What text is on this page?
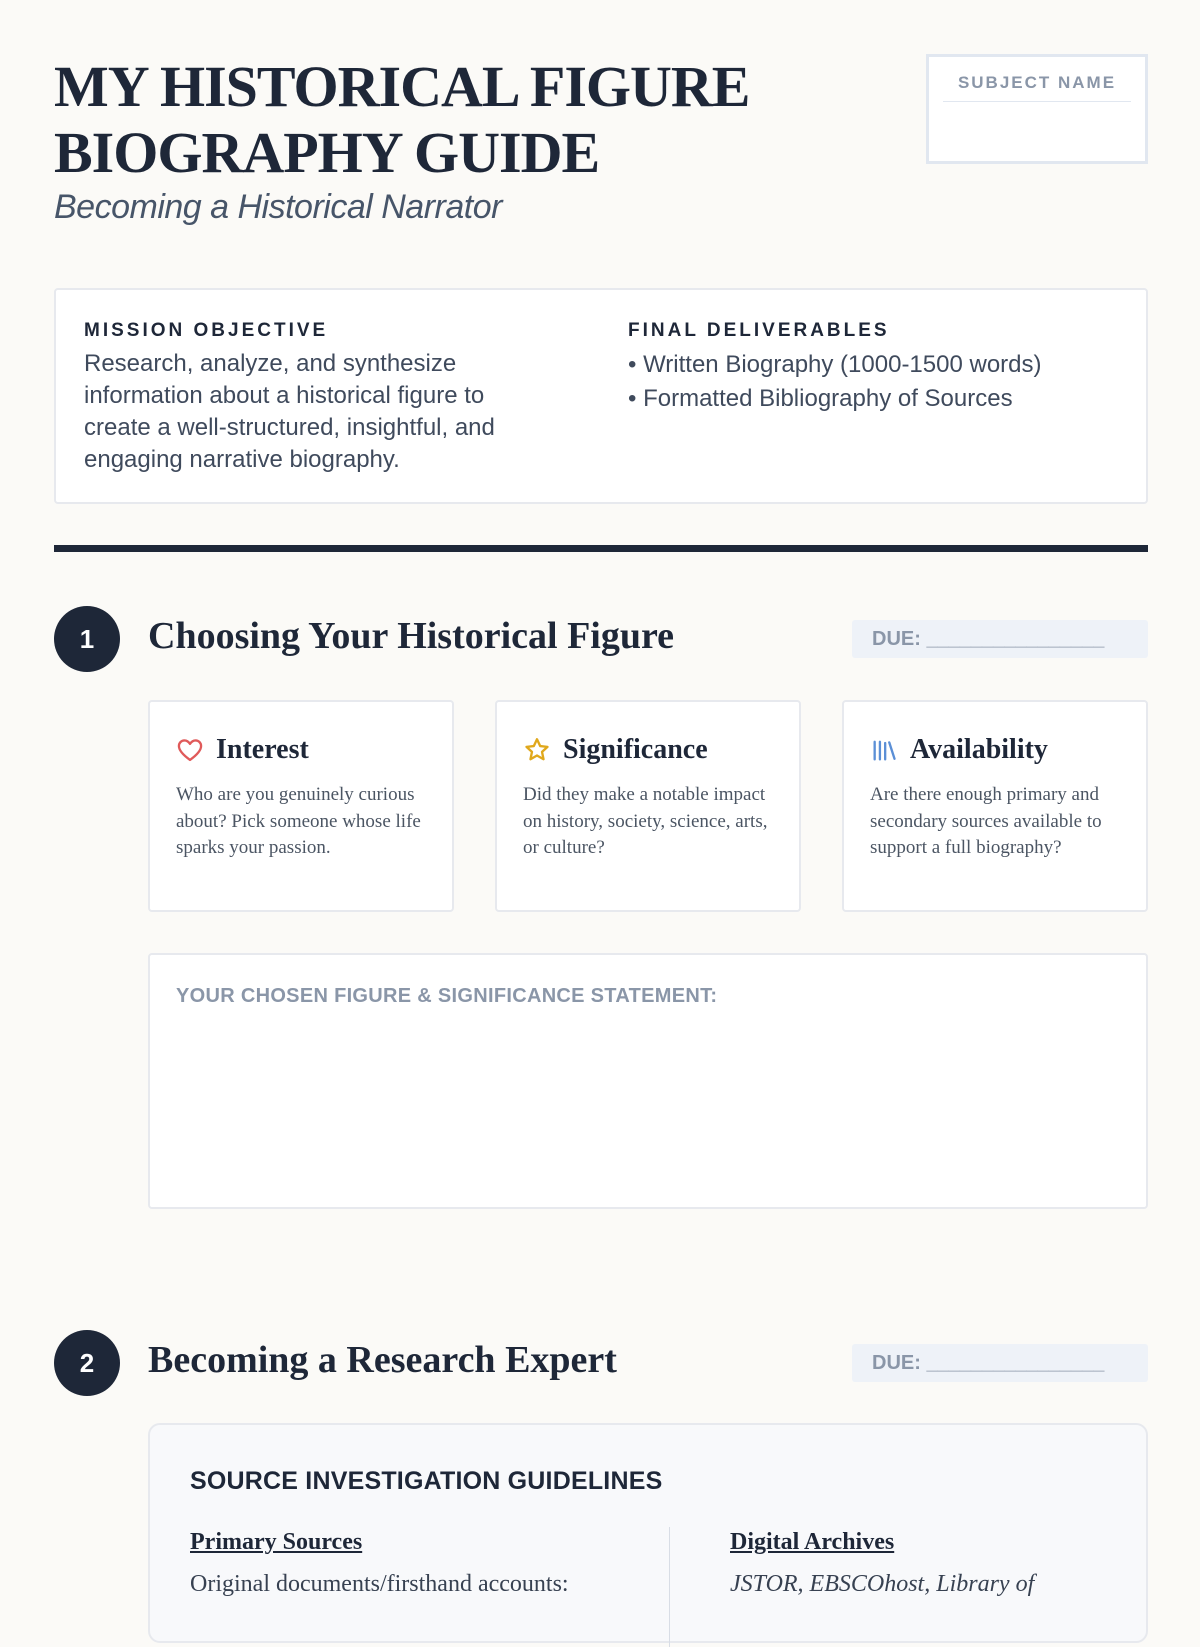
MY HISTORICAL FIGURE
BIOGRAPHY GUIDE

Becoming a Historical Narrator

SUBJECT NAME
MISSION OBJECTIVE

Research, analyze, and synthesize information about a historical figure to create a well-structured, insightful, and engaging narrative biography.

FINAL DELIVERABLES
• Written Biography (1000-1500 words)
• Formatted Bibliography of Sources
1	Choosing Your Historical Figure	DUE: ________________
Interest

Who are you genuinely curious about? Pick someone whose life sparks your passion.

Significance

Did they make a notable impact on history, society, science, arts, or culture?

Availability

Are there enough primary and secondary sources available to support a full biography?

YOUR CHOSEN FIGURE & SIGNIFICANCE STATEMENT:
2	Becoming a Research Expert	DUE: ________________
SOURCE INVESTIGATION GUIDELINES
Primary Sources

Original documents/firsthand accounts:

Digital Archives

JSTOR, EBSCOhost, Library of
